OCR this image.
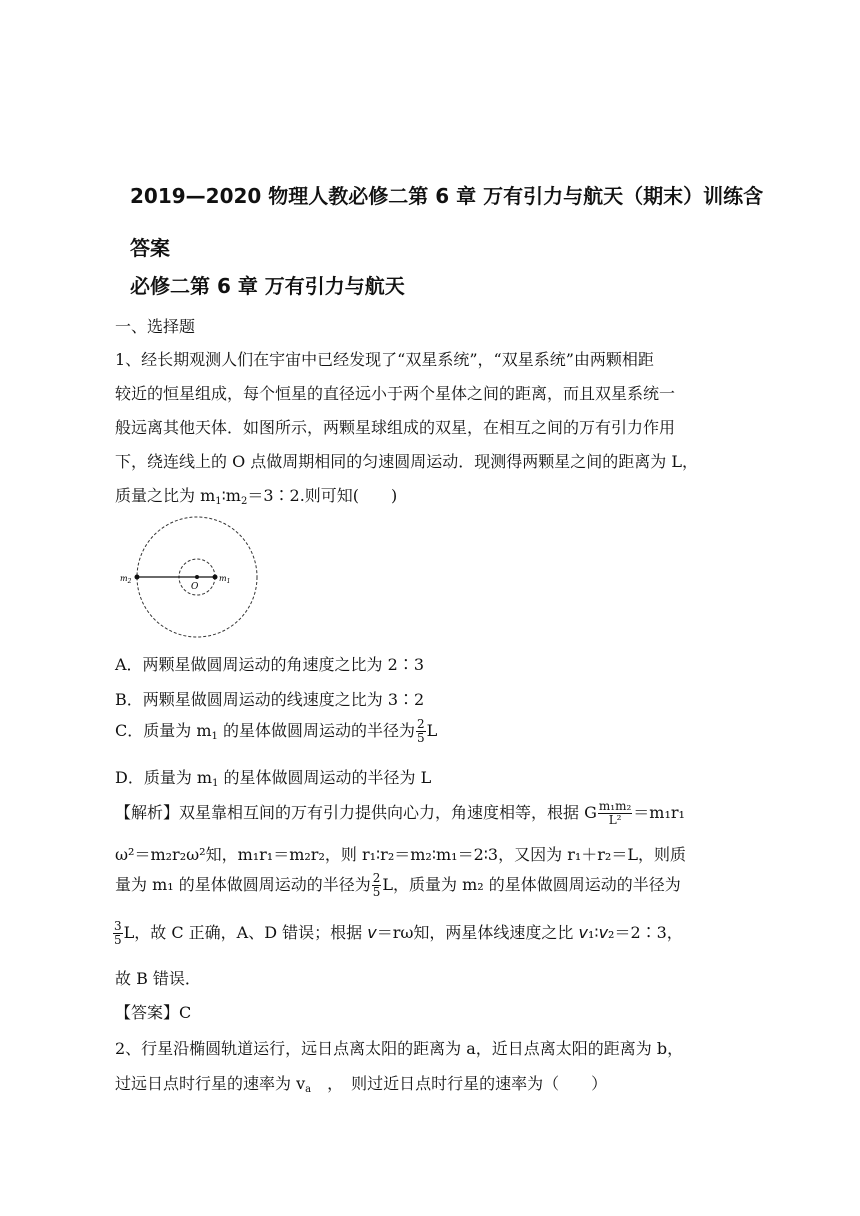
2019—2020 物理人教必修二第 6 章 万有引力与航天（期末）训练含
答案
必修二第 6 章 万有引力与航天
一、选择题
1、经长期观测人们在宇宙中已经发现了“双星系统”，“双星系统”由两颗相距
较近的恒星组成，每个恒星的直径远小于两个星体之间的距离，而且双星系统一
般远离其他天体．如图所示，两颗星球组成的双星，在相互之间的万有引力作用
下，绕连线上的 O 点做周期相同的匀速圆周运动．现测得两颗星之间的距离为 L，
质量之比为 $m_1∶m_2=3∶2$.则可知(　　)
$m_2$	$m_1$
O
A．两颗星做圆周运动的角速度之比为 2∶3
B．两颗星做圆周运动的线速度之比为 3∶2
C．质量为 $m_1$ 的星体做圆周运动的半径为 $\frac{2}{5}$ L
D．质量为 $m_1$ 的星体做圆周运动的半径为 L
【解析】双星靠相互间的万有引力提供向心力，角速度相等，根据 G $\frac{\text{m₁m₂}}{\text{L²}} =m_1r_1$
ω²＝m₂r₂ω²知，m₁r₁＝m₂r₂，则 r₁∶r₂＝m₂∶m₁＝2∶3，又因为 r₁＋r₂＝L，则质
量为 m₁ 的星体做圆周运动的半径为 $\frac{2}{5}$ L，质量为 m₂ 的星体做圆周运动的半径为
$\frac{3}{5}$ L，故 C 正确，A、D 错误；根据 v＝rω知，两星体线速度之比 v₁∶v₂＝2∶3，
故 B 错误．
【答案】C
2、行星沿椭圆轨道运行，远日点离太阳的距离为 a，近日点离太阳的距离为 b，
过远日点时行星的速率为 $v_a$　，　则过近日点时行星的速率为（　　）
